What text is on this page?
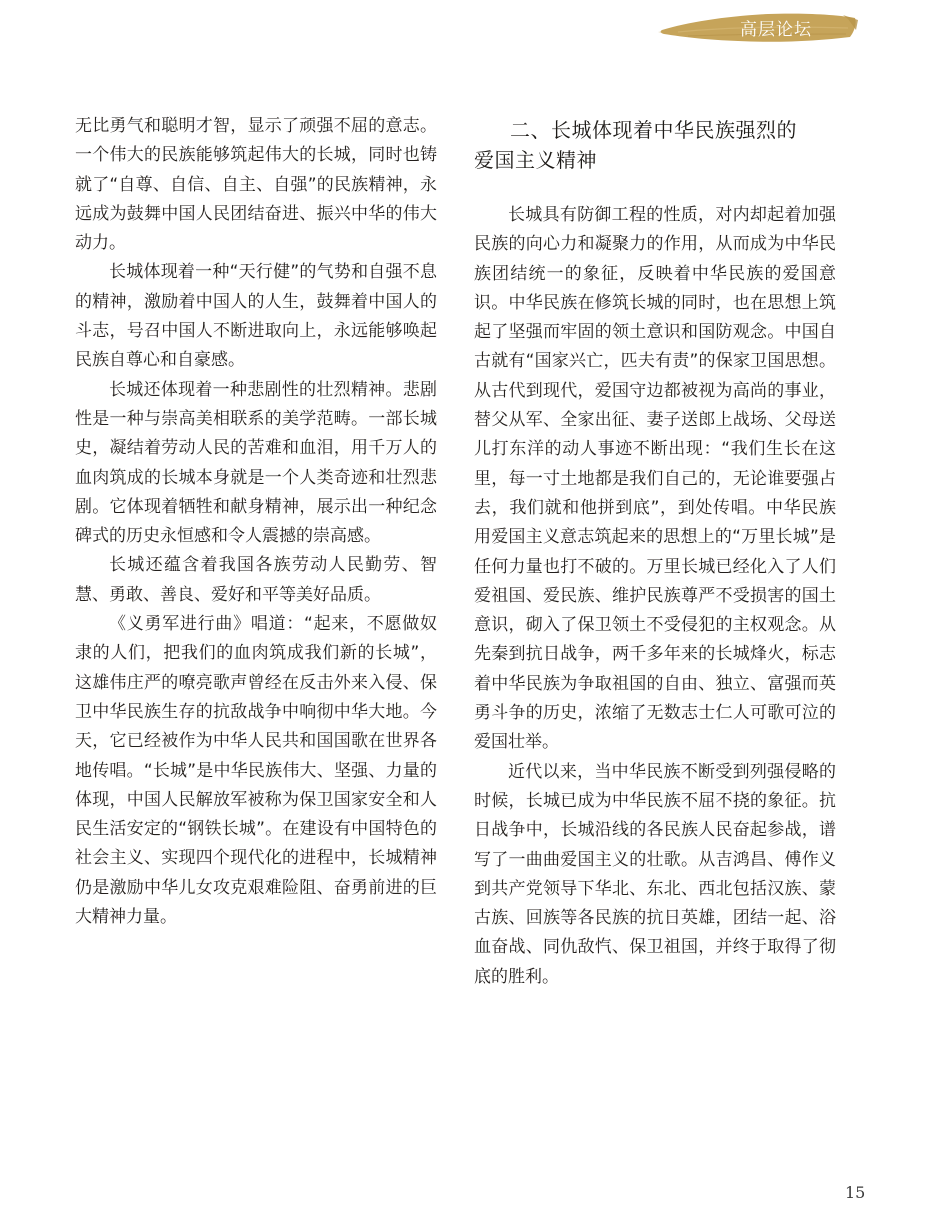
高层论坛

无比勇气和聪明才智，显示了顽强不屈的意志。一个伟大的民族能够筑起伟大的长城，同时也铸就了“自尊、自信、自主、自强”的民族精神，永远成为鼓舞中国人民团结奋进、振兴中华的伟大动力。

长城体现着一种“天行健”的气势和自强不息的精神，激励着中国人的人生，鼓舞着中国人的斗志，号召中国人不断进取向上，永远能够唤起民族自尊心和自豪感。

长城还体现着一种悲剧性的壮烈精神。悲剧性是一种与崇高美相联系的美学范畴。一部长城史，凝结着劳动人民的苦难和血泪，用千万人的血肉筑成的长城本身就是一个人类奇迹和壮烈悲剧。它体现着牺牲和献身精神，展示出一种纪念碑式的历史永恒感和令人震撼的崇高感。

长城还蕴含着我国各族劳动人民勤劳、智慧、勇敢、善良、爱好和平等美好品质。

《义勇军进行曲》唱道：“起来，不愿做奴隶的人们，把我们的血肉筑成我们新的长城”，这雄伟庄严的嘹亮歌声曾经在反击外来入侵、保卫中华民族生存的抗敌战争中响彻中华大地。今天，它已经被作为中华人民共和国国歌在世界各地传唱。“长城”是中华民族伟大、坚强、力量的体现，中国人民解放军被称为保卫国家安全和人民生活安定的“钢铁长城”。在建设有中国特色的社会主义、实现四个现代化的进程中，长城精神仍是激励中华儿女攻克艰难险阻、奋勇前进的巨大精神力量。

二、长城体现着中华民族强烈的
爱国主义精神

长城具有防御工程的性质，对内却起着加强民族的向心力和凝聚力的作用，从而成为中华民族团结统一的象征，反映着中华民族的爱国意识。中华民族在修筑长城的同时，也在思想上筑起了坚强而牢固的领土意识和国防观念。中国自古就有“国家兴亡，匹夫有责”的保家卫国思想。从古代到现代，爱国守边都被视为高尚的事业，替父从军、全家出征、妻子送郎上战场、父母送儿打东洋的动人事迹不断出现：“我们生长在这里，每一寸土地都是我们自己的，无论谁要强占去，我们就和他拼到底”，到处传唱。中华民族用爱国主义意志筑起来的思想上的“万里长城”是任何力量也打不破的。万里长城已经化入了人们爱祖国、爱民族、维护民族尊严不受损害的国土意识，砌入了保卫领土不受侵犯的主权观念。从先秦到抗日战争，两千多年来的长城烽火，标志着中华民族为争取祖国的自由、独立、富强而英勇斗争的历史，浓缩了无数志士仁人可歌可泣的爱国壮举。

近代以来，当中华民族不断受到列强侵略的时候，长城已成为中华民族不屈不挠的象征。抗日战争中，长城沿线的各民族人民奋起参战，谱写了一曲曲爱国主义的壮歌。从吉鸿昌、傅作义到共产党领导下华北、东北、西北包括汉族、蒙古族、回族等各民族的抗日英雄，团结一起、浴血奋战、同仇敌忾、保卫祖国，并终于取得了彻底的胜利。

15
